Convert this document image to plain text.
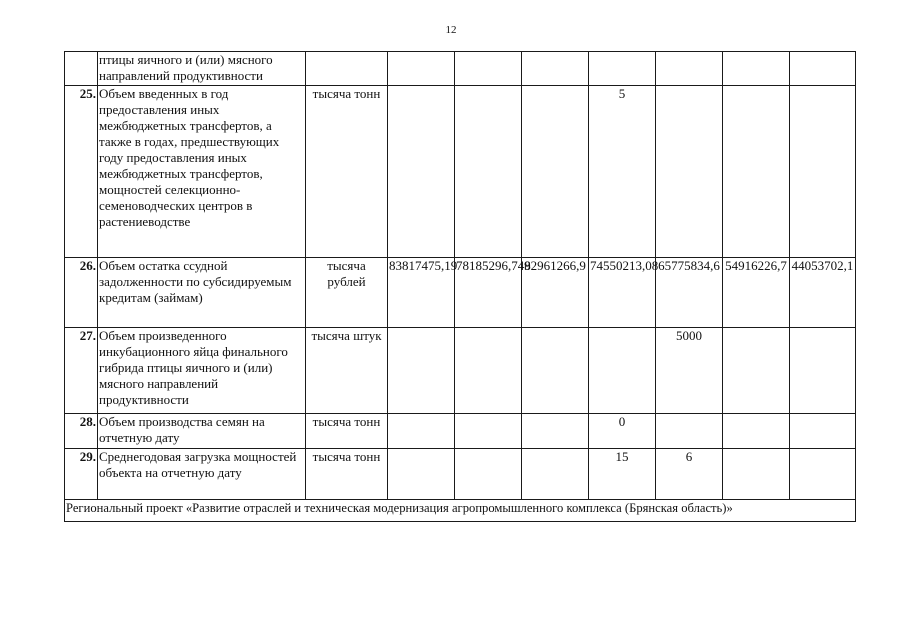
12
	птицы яичного и (или) мясного направлений продуктивности								
25.	Объем введенных в год предоставления иных межбюджетных трансфертов, а также в годах, предшествующих году предоставления иных межбюджетных трансфертов, мощностей селекционно-семеноводческих центров в растениеводстве	тысяча тонн				5			
26.	Объем остатка ссудной задолженности по субсидируемым кредитам (займам)	тысяча рублей	83817475,19	78185296,748	92961266,9	74550213,08	65775834,6	54916226,7	44053702,1
27.	Объем произведенного инкубационного яйца финального гибрида птицы яичного и (или) мясного направлений продуктивности	тысяча штук					5000		
28.	Объем производства семян на отчетную дату	тысяча тонн				0			
29.	Среднегодовая загрузка мощностей объекта на отчетную дату	тысяча тонн				15	6		
Региональный проект «Развитие отраслей и техническая модернизация агропромышленного комплекса (Брянская область)»									
